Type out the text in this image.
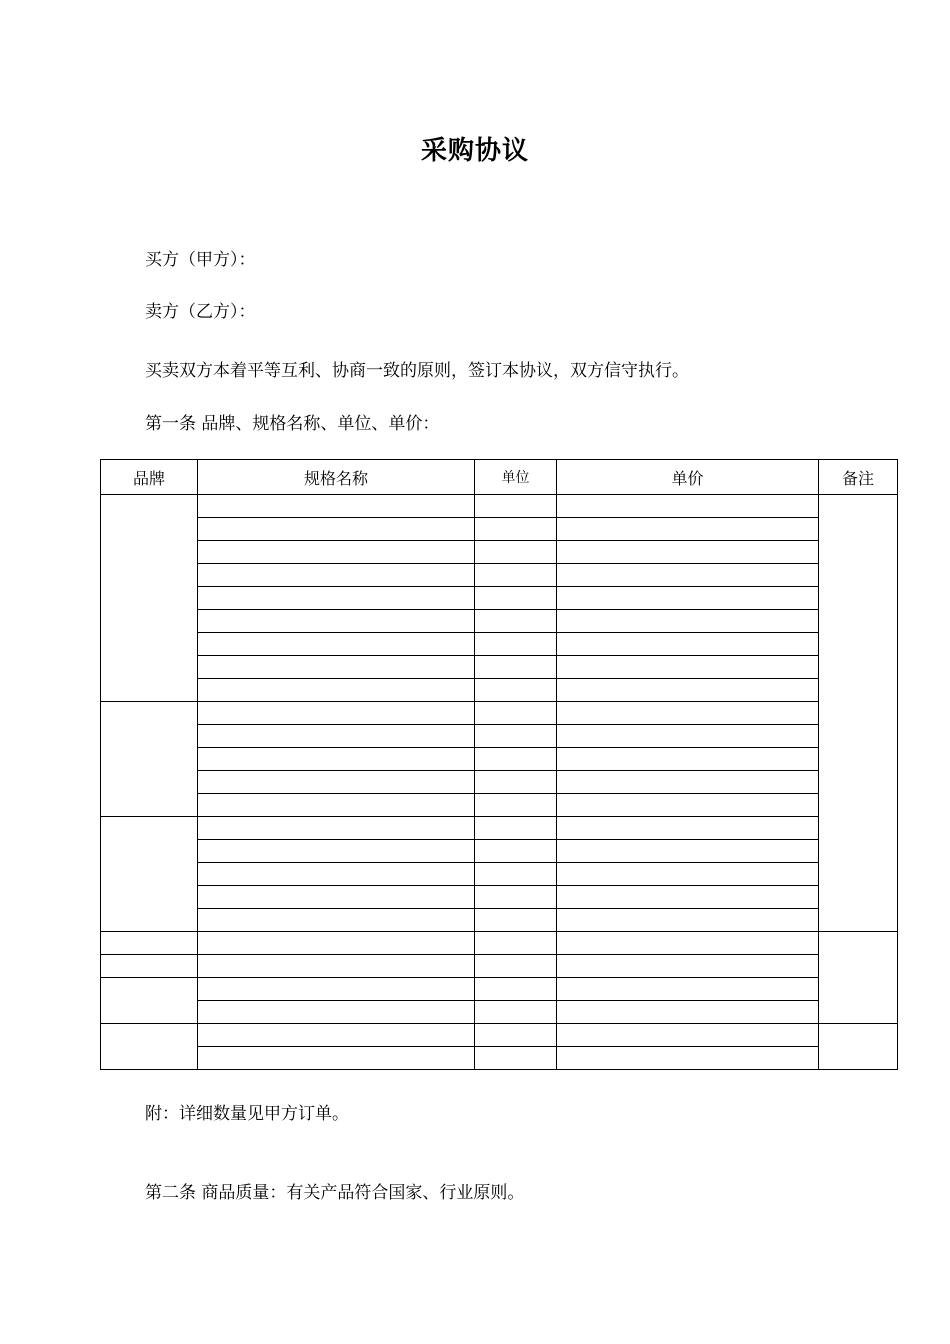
采购协议
买方（甲方）：
卖方（乙方）：
买卖双方本着平等互利、协商一致的原则，签订本协议，双方信守执行。
第一条 品牌、规格名称、单位、单价：
品牌	规格名称	单位	单价	备注

附：详细数量见甲方订单。
第二条 商品质量：有关产品符合国家、行业原则。
